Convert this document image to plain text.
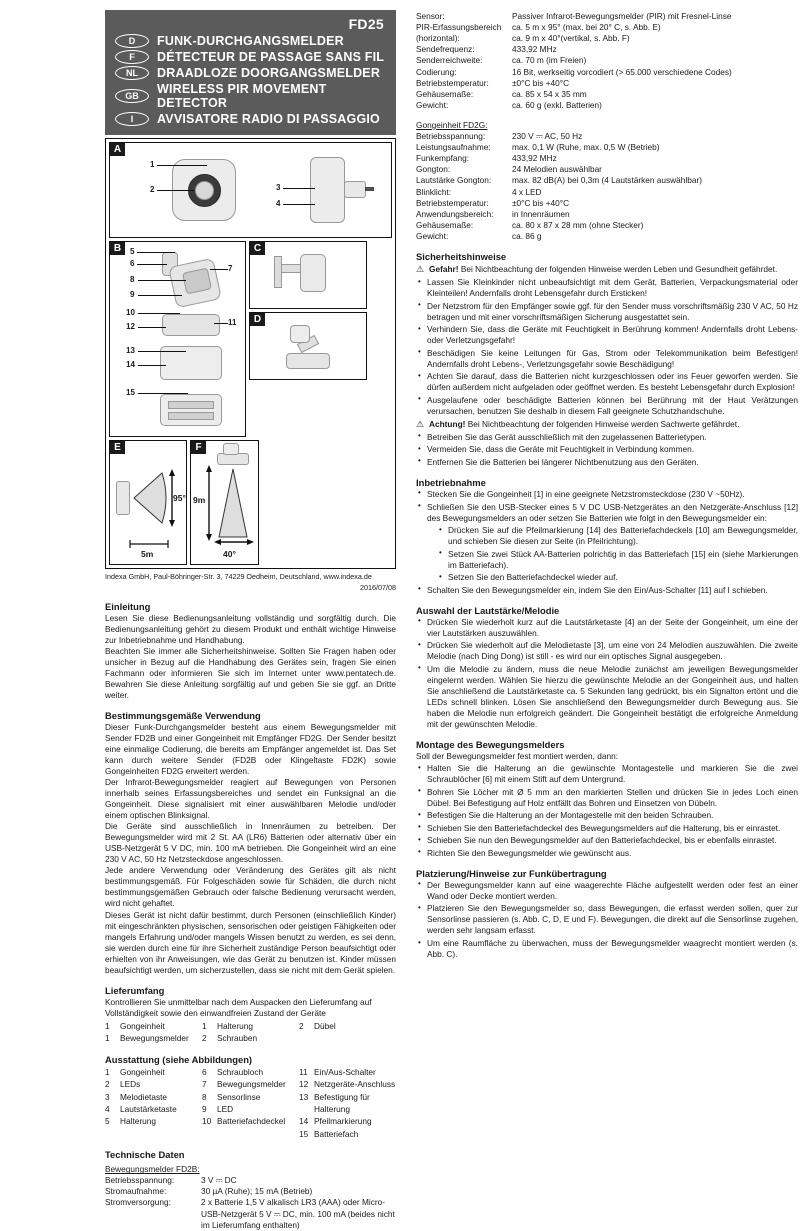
FD25
D	FUNK-DURCHGANGSMELDER
F	DÉTECTEUR DE PASSAGE SANS FIL
NL	DRAADLOZE DOORGANGSMELDER
GB	WIRELESS PIR MOVEMENT DETECTOR
I	AVVISATORE RADIO DI PASSAGGIO
A
1
2	3
4
B	5
6
7
8
9
10
11
12
13
14
15
C
D
E
95°
5m
F
9m
40°
Indexa GmbH, Paul-Böhringer-Str. 3, 74229 Oedheim, Deutschland, www.indexa.de
2016/07/08
Einleitung

Lesen Sie diese Bedienungsanleitung vollständig und sorgfältig durch. Die Bedienungsanleitung gehört zu diesem Produkt und enthält wichtige Hinweise zur Inbetriebnahme und Handhabung.

Beachten Sie immer alle Sicherheitshinweise. Sollten Sie Fragen haben oder unsicher in Bezug auf die Handhabung des Gerätes sein, fragen Sie einen Fachmann oder informieren Sie sich im Internet unter www.pentatech.de. Bewahren Sie diese Anleitung sorgfältig auf und geben Sie sie ggf. an Dritte weiter.

Bestimmungsgemäße Verwendung

Dieser Funk-Durchgangsmelder besteht aus einem Bewegungsmelder mit Sender FD2B und einer Gongeinheit mit Empfänger FD2G. Der Sender besitzt eine einmalige Codierung, die bereits am Empfänger angemeldet ist. Das Set kann durch weitere Sender (FD2B oder Klingeltaste FD2K) sowie Gongeinheiten FD2G erweitert werden.

Der Infrarot-Bewegungsmelder reagiert auf Bewegungen von Personen innerhalb seines Erfassungsbereiches und sendet ein Funksignal an die Gongeinheit. Diese signalisiert mit einer auswählbaren Melodie und/oder einem optischen Blinksignal.

Die Geräte sind ausschließlich in Innenräumen zu betreiben. Der Bewegungsmelder wird mit 2 St. AA (LR6) Batterien oder alternativ über ein USB-Netzgerät 5 V DC, min. 100 mA betrieben. Die Gongeinheit wird an eine 230 V AC, 50 Hz Netzsteckdose angeschlossen.

Jede andere Verwendung oder Veränderung des Gerätes gilt als nicht bestimmungsgemäß. Für Folgeschäden sowie für Schäden, die durch nicht bestimmungsgemäßen Gebrauch oder falsche Bedienung verursacht werden, wird nicht gehaftet.

Dieses Gerät ist nicht dafür bestimmt, durch Personen (einschließlich Kinder) mit eingeschränkten physischen, sensorischen oder geistigen Fähigkeiten oder mangels Erfahrung und/oder mangels Wissen benutzt zu werden, es sei denn, sie werden durch eine für ihre Sicherheit zuständige Person beaufsichtigt oder erhielten von ihr Anweisungen, wie das Gerät zu benutzen ist. Kinder müssen beaufsichtigt werden, um sicherzustellen, dass sie nicht mit dem Gerät spielen.

Lieferumfang

Kontrollieren Sie unmittelbar nach dem Auspacken den Lieferumfang auf Vollständigkeit sowie den einwandfreien Zustand der Geräte

1	Gongeinheit
1	Bewegungsmelder
1	Halterung
2	Schrauben
2	Dübel
Ausstattung (siehe Abbildungen)
1	Gongeinheit
2	LEDs
3	Melodietaste
4	Lautstärketaste
5	Halterung
6	Schraubloch
7	Bewegungsmelder
8	Sensorlinse
9	LED
10 Batteriefachdeckel
11 Ein/Aus-Schalter
12 Netzgeräte-Anschluss
13 Befestigung für Halterung
14 Pfeilmarkierung
15 Batteriefach
Technische Daten
Bewegungsmelder FD2B:
Betriebsspannung:	3 V ⎓ DC
Stromaufnahme:	30 µA (Ruhe); 15 mA (Betrieb)
Stromversorgung:	2 x Batterie 1,5 V alkalisch LR3 (AAA) oder Micro-USB-Netzgerät 5 V ⎓ DC, min. 100 mA (beides nicht im Lieferumfang enthalten)
Sensor:	Passiver Infrarot-Bewegungsmelder (PIR) mit Fresnel-Linse
PIR-Erfassungsbereich	ca. 5 m x 95° (max. bei 20° C, s. Abb. E)
(horizontal):	ca. 9 m x 40°(vertikal, s. Abb. F)
Sendefrequenz:	433,92 MHz
Senderreichweite:	ca. 70 m (im Freien)
Codierung:	16 Bit, werkseitig vorcodiert (> 65.000 verschiedene Codes)
Betriebstemperatur:	±0°C bis +40°C
Gehäusemaße:	ca. 85 x 54 x 35 mm
Gewicht:	ca. 60 g (exkl. Batterien)
Gongeinheit FD2G:
Betriebsspannung:	230 V ⎓ AC, 50 Hz
Leistungsaufnahme:	max. 0,1 W (Ruhe, max. 0,5 W (Betrieb)
Funkempfang:	433,92 MHz
Gongton:	24 Melodien auswählbar
Lautstärke Gongton:	max. 82 dB(A) bei 0,3m (4 Lautstärken auswählbar)
Blinklicht:	4 x LED
Betriebstemperatur:	±0°C bis +40°C
Anwendungsbereich:	in Innenräumen
Gehäusemaße:	ca. 80 x 87 x 28 mm (ohne Stecker)
Gewicht:	ca. 86 g
Sicherheitshinweise
⚠ Gefahr! Bei Nichtbeachtung der folgenden Hinweise werden Leben und Gesundheit gefährdet.
• Lassen Sie Kleinkinder nicht unbeaufsichtigt mit dem Gerät, Batterien, Verpackungsmaterial oder Kleinteilen! Andernfalls droht Lebensgefahr durch Ersticken!
• Der Netzstrom für den Empfänger sowie ggf. für den Sender muss vorschriftsmäßig 230 V AC, 50 Hz betragen und mit einer vorschriftsmäßigen Sicherung ausgestattet sein.
• Verhindern Sie, dass die Geräte mit Feuchtigkeit in Berührung kommen! Andernfalls droht Lebens- oder Verletzungsgefahr!
• Beschädigen Sie keine Leitungen für Gas, Strom oder Telekommunikation beim Befestigen! Andernfalls droht Lebens-, Verletzungsgefahr sowie Beschädigung!
• Achten Sie darauf, dass die Batterien nicht kurzgeschlossen oder ins Feuer geworfen werden. Sie dürfen außerdem nicht aufgeladen oder geöffnet werden. Es besteht Lebensgefahr durch Explosion!
• Ausgelaufene oder beschädigte Batterien können bei Berührung mit der Haut Verätzungen verursachen, benutzen Sie deshalb in diesem Fall geeignete Schutzhandschuhe.
⚠ Achtung! Bei Nichtbeachtung der folgenden Hinweise werden Sachwerte gefährdet.
• Betreiben Sie das Gerät ausschließlich mit den zugelassenen Batterietypen.
• Vermeiden Sie, dass die Geräte mit Feuchtigkeit in Verbindung kommen.
• Entfernen Sie die Batterien bei längerer Nichtbenutzung aus den Geräten.
Inbetriebnahme
• Stecken Sie die Gongeinheit [1] in eine geeignete Netzstromsteckdose (230 V ~50Hz).
• Schließen Sie den USB-Stecker eines 5 V DC USB-Netzgerätes an den Netzgeräte-Anschluss [12] des Bewegungsmelders an oder setzen Sie Batterien wie folgt in den Bewegungsmelder ein:
• Drücken Sie auf die Pfeilmarkierung [14] des Batteriefachdeckels [10] am Bewegungsmelder, und schieben Sie diesen zur Seite (in Pfeilrichtung).
• Setzen Sie zwei Stück AA-Batterien polrichtig in das Batteriefach [15] ein (siehe Markierungen im Batteriefach).
• Setzen Sie den Batteriefachdeckel wieder auf.
• Schalten Sie den Bewegungsmelder ein, indem Sie den Ein/Aus-Schalter [11] auf I schieben.
Auswahl der Lautstärke/Melodie
• Drücken Sie wiederholt kurz auf die Lautstärketaste [4] an der Seite der Gongeinheit, um eine der vier Lautstärken auszuwählen.
• Drücken Sie wiederholt auf die Melodietaste [3], um eine von 24 Melodien auszuwählen. Die zweite Melodie (nach Ding Dong) ist still - es wird nur ein optisches Signal ausgegeben.
• Um die Melodie zu ändern, muss die neue Melodie zunächst am jeweiligen Bewegungsmelder eingelernt werden. Wählen Sie hierzu die gewünschte Melodie an der Gongeinheit aus, und halten Sie anschließend die Lautstärketaste ca. 5 Sekunden lang gedrückt, bis ein Signalton ertönt und die LEDs schnell blinken. Lösen Sie anschließend den Bewegungsmelder durch Bewegung aus. Sie haben die Melodie nun erfolgreich geändert. Die Gongeinheit bestätigt die erfolgreiche Anmeldung mit der gewünschten Melodie.
Montage des Bewegungsmelders

Soll der Bewegungsmelder fest montiert werden, dann:

• Halten Sie die Halterung an die gewünschte Montagestelle und markieren Sie die zwei Schraublöcher [6] mit einem Stift auf dem Untergrund.
• Bohren Sie Löcher mit Ø 5 mm an den markierten Stellen und drücken Sie in jedes Loch einen Dübel. Bei Befestigung auf Holz entfällt das Bohren und Einsetzen von Dübeln.
• Befestigen Sie die Halterung an der Montagestelle mit den beiden Schrauben.
• Schieben Sie den Batteriefachdeckel des Bewegungsmelders auf die Halterung, bis er einrastet.
• Schieben Sie nun den Bewegungsmelder auf den Batteriefachdeckel, bis er ebenfalls einrastet.
• Richten Sie den Bewegungsmelder wie gewünscht aus.
Platzierung/Hinweise zur Funkübertragung
• Der Bewegungsmelder kann auf eine waagerechte Fläche aufgestellt werden oder fest an einer Wand oder Decke montiert werden.
• Platzieren Sie den Bewegungsmelder so, dass Bewegungen, die erfasst werden sollen, quer zur Sensorlinse passieren (s. Abb. C, D, E und F). Bewegungen, die direkt auf die Sensorlinse zugehen, werden sehr langsam erfasst.
• Um eine Raumfläche zu überwachen, muss der Bewegungsmelder waagrecht montiert werden (s. Abb. C).
